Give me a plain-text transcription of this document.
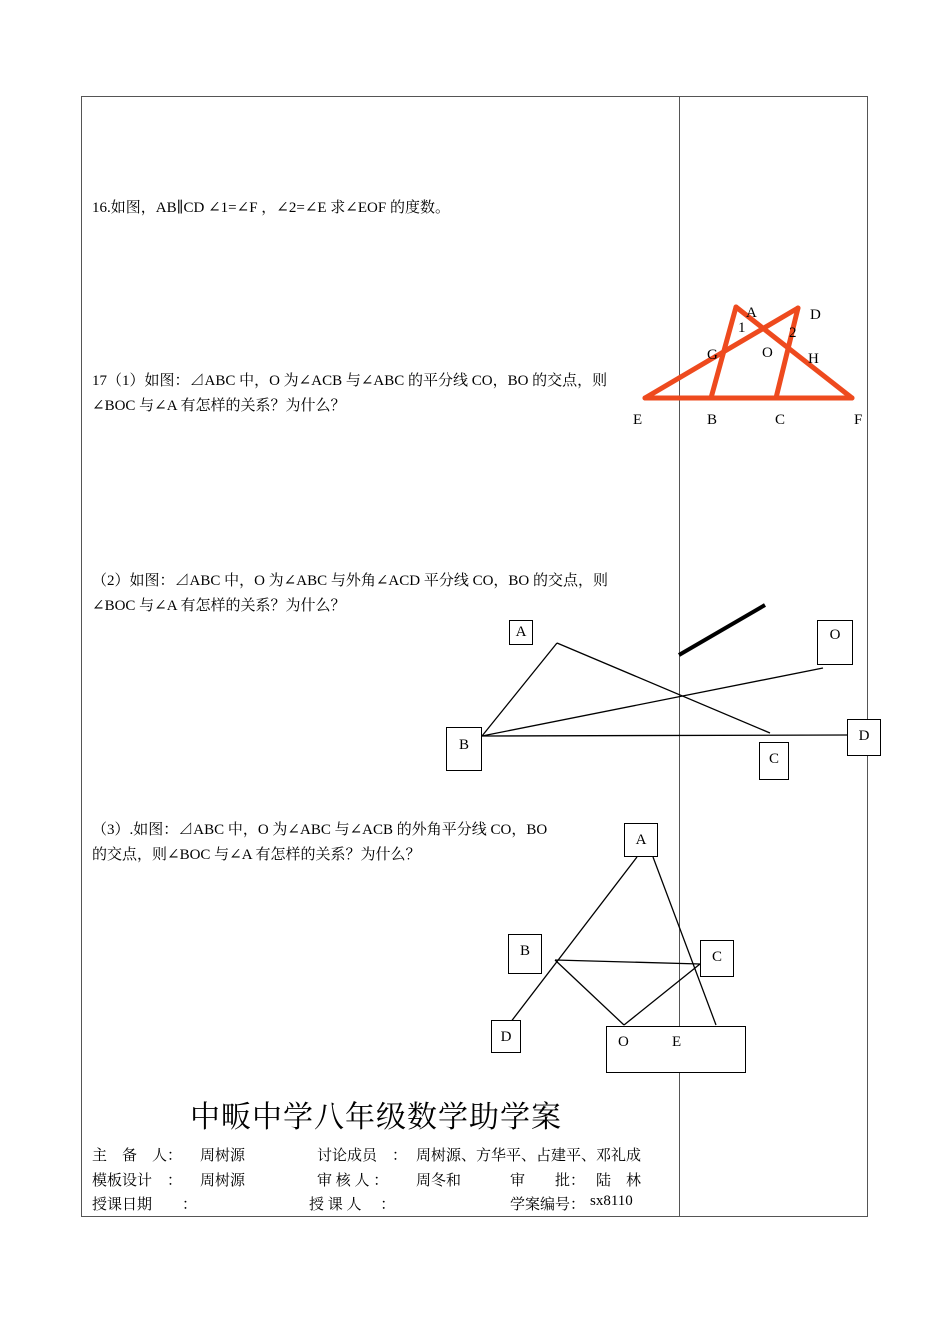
16.如图，AB∥CD ∠1=∠F ，∠2=∠E 求∠EOF 的度数。
17（1）如图：⊿ABC 中，O 为∠ACB 与∠ABC 的平分线 CO，BO 的交点，则
∠BOC 与∠A 有怎样的关系？为什么？
（2）如图：⊿ABC 中，O 为∠ABC 与外角∠ACD 平分线 CO，BO 的交点，则
∠BOC 与∠A 有怎样的关系？为什么？
（3）.如图：⊿ABC 中，O 为∠ABC 与∠ACB 的外角平分线 CO，BO
的交点，则∠BOC 与∠A 有怎样的关系？为什么？
A	D
1	2
G	O H
E	B	C	F
A	O
B
C
D
A
B	C
D	O	E
中畈中学八年级数学助学案
主　备　人： 周树源	讨论成员　： 周树源、方华平、占建平、邓礼成
模板设计　： 周树源	审 核 人 ： 周冬和	审　　批： 陆　林
授课日期　　：	授 课 人 　：	学案编号： sx8110
